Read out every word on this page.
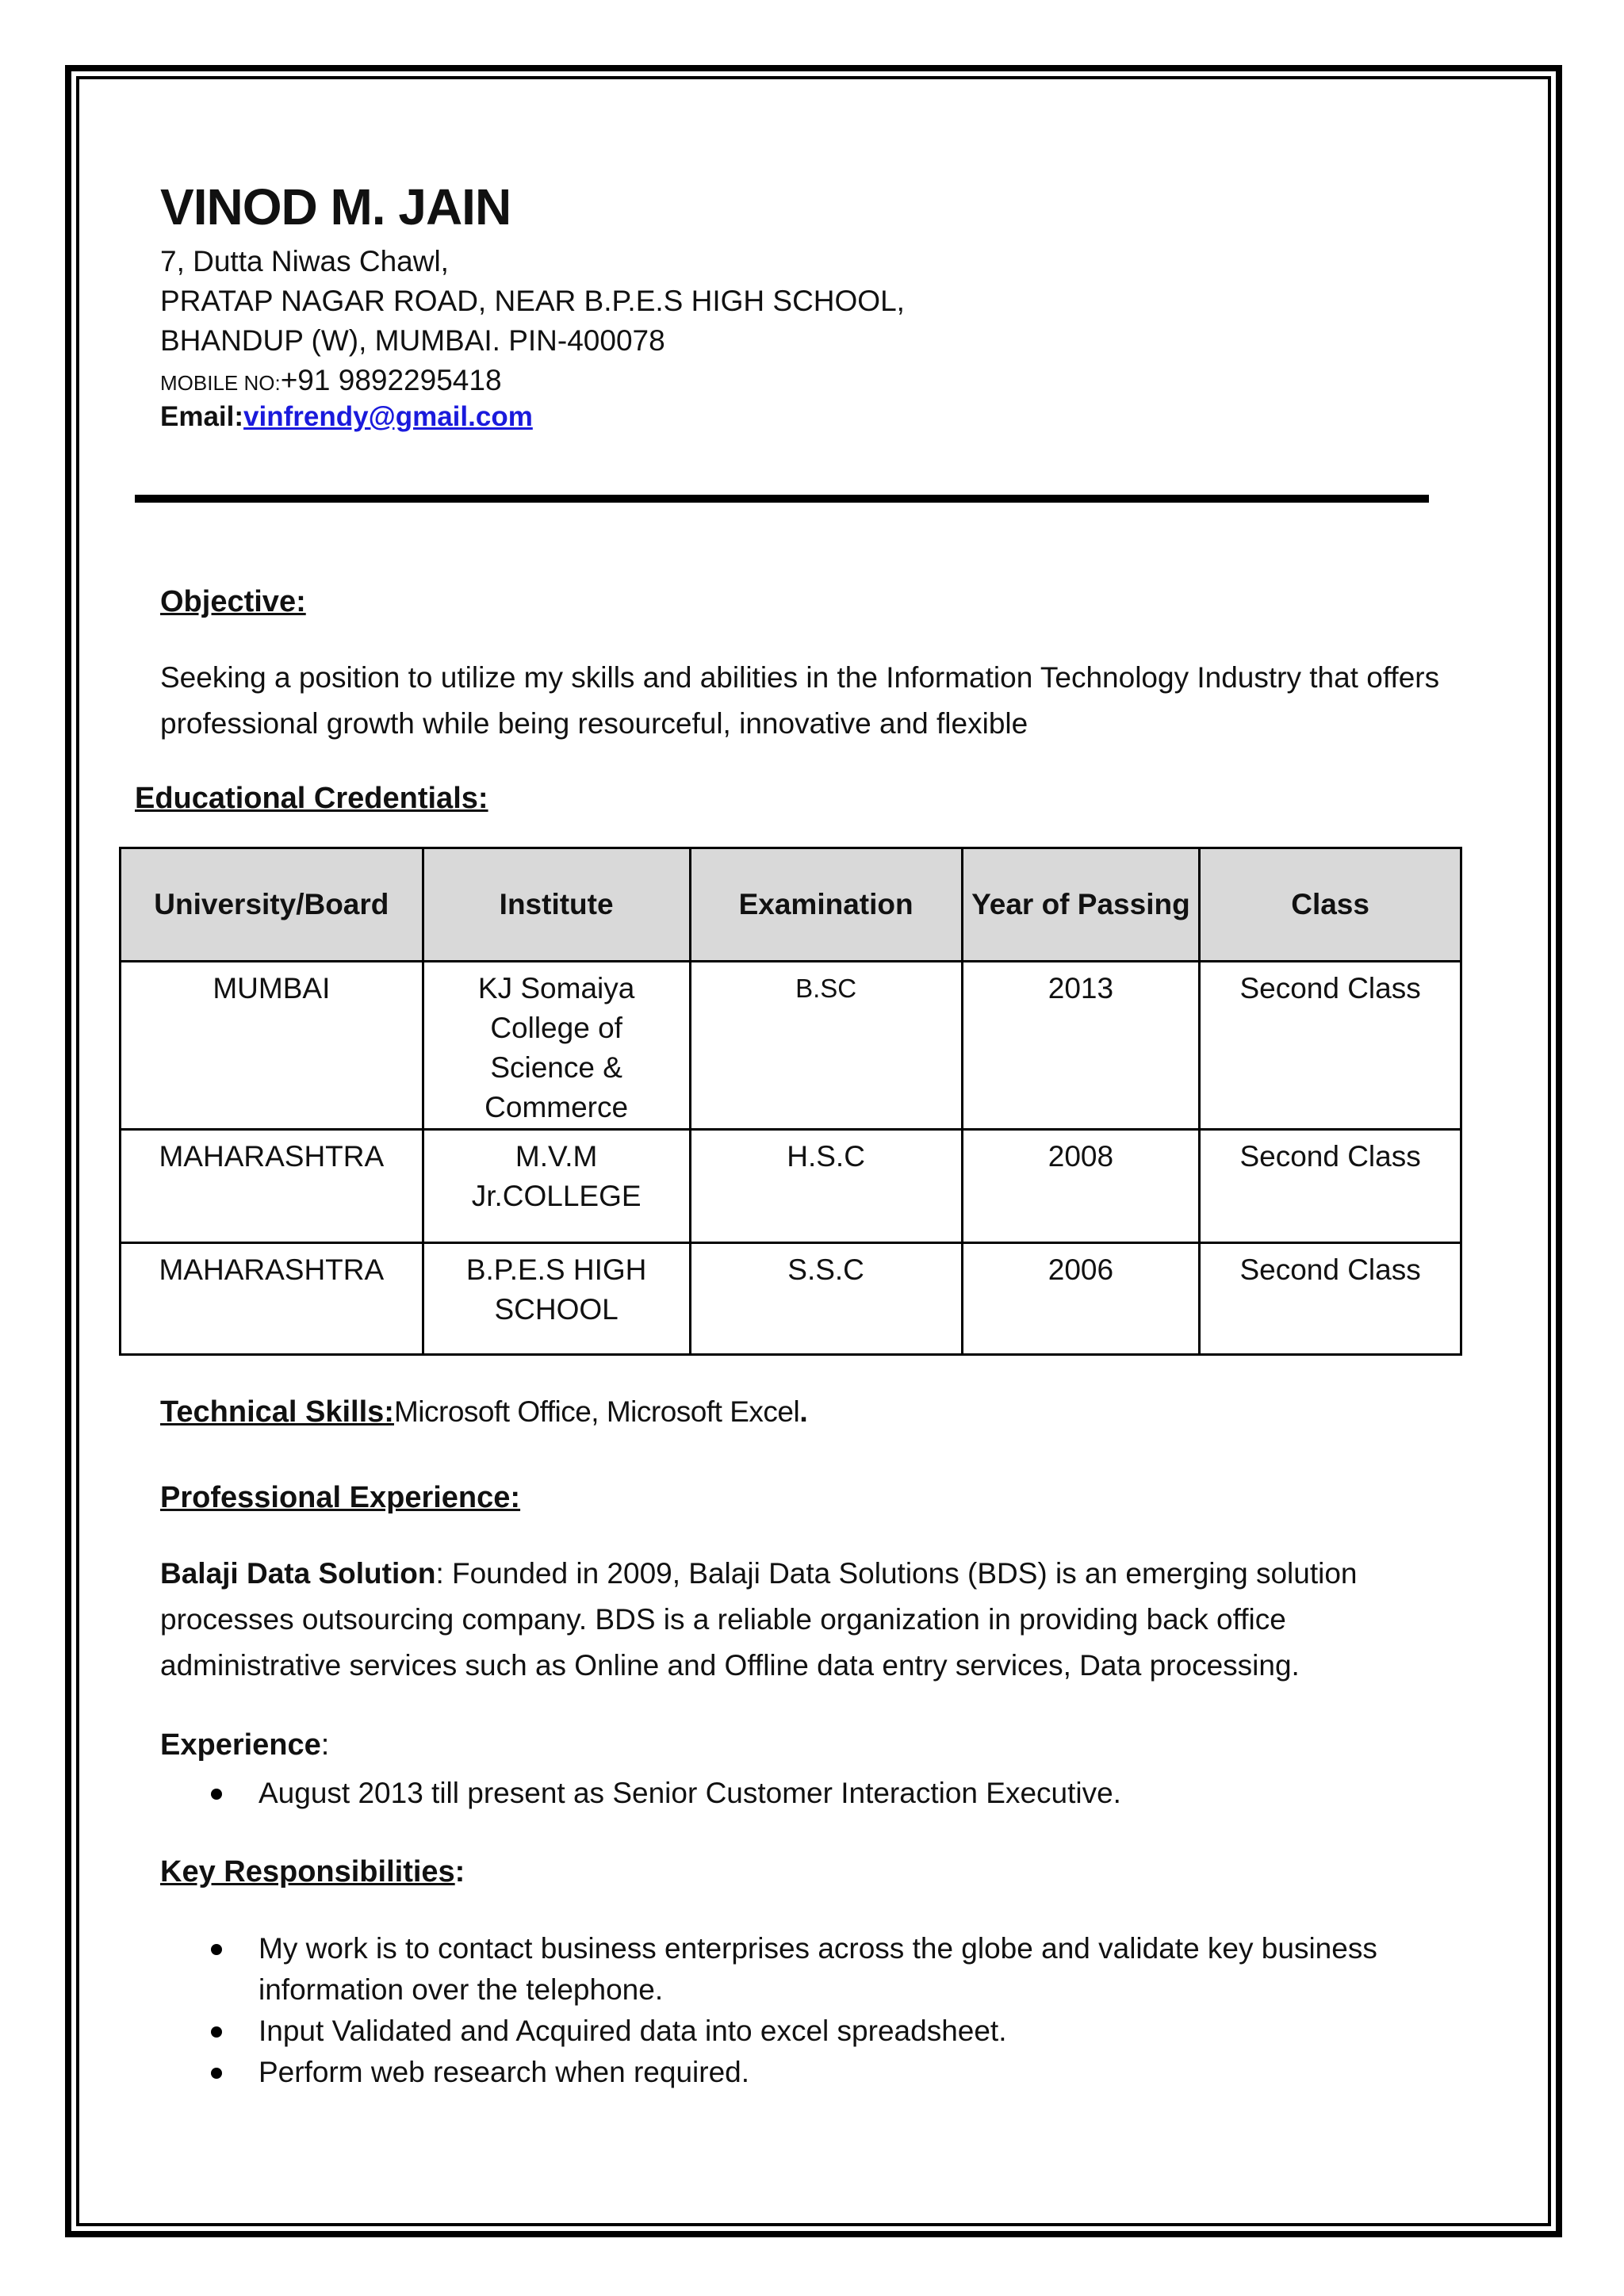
VINOD M. JAIN
7, Dutta Niwas Chawl,
PRATAP NAGAR ROAD, NEAR B.P.E.S HIGH SCHOOL,
BHANDUP (W), MUMBAI. PIN-400078
MOBILE NO:+91 9892295418
Email:vinfrendy@gmail.com
Objective:
Seeking a position to utilize my skills and abilities in the Information Technology Industry that offers professional growth while being resourceful, innovative and flexible
Educational Credentials:
University/Board	Institute	Examination	Year of Passing	Class
MUMBAI	KJ Somaiya College of Science & Commerce	B.SC	2013	Second Class
MAHARASHTRA	M.V.M Jr.COLLEGE	H.S.C	2008	Second Class
MAHARASHTRA	B.P.E.S HIGH SCHOOL	S.S.C	2006	Second Class
Technical Skills:Microsoft Office, Microsoft Excel.
Professional Experience:
Balaji Data Solution: Founded in 2009, Balaji Data Solutions (BDS) is an emerging solution processes outsourcing company. BDS is a reliable organization in providing back office administrative services such as Online and Offline data entry services, Data processing.
Experience:
August 2013 till present as Senior Customer Interaction Executive.
Key Responsibilities:
My work is to contact business enterprises across the globe and validate key business information over the telephone.
Input Validated and Acquired data into excel spreadsheet.
Perform web research when required.
